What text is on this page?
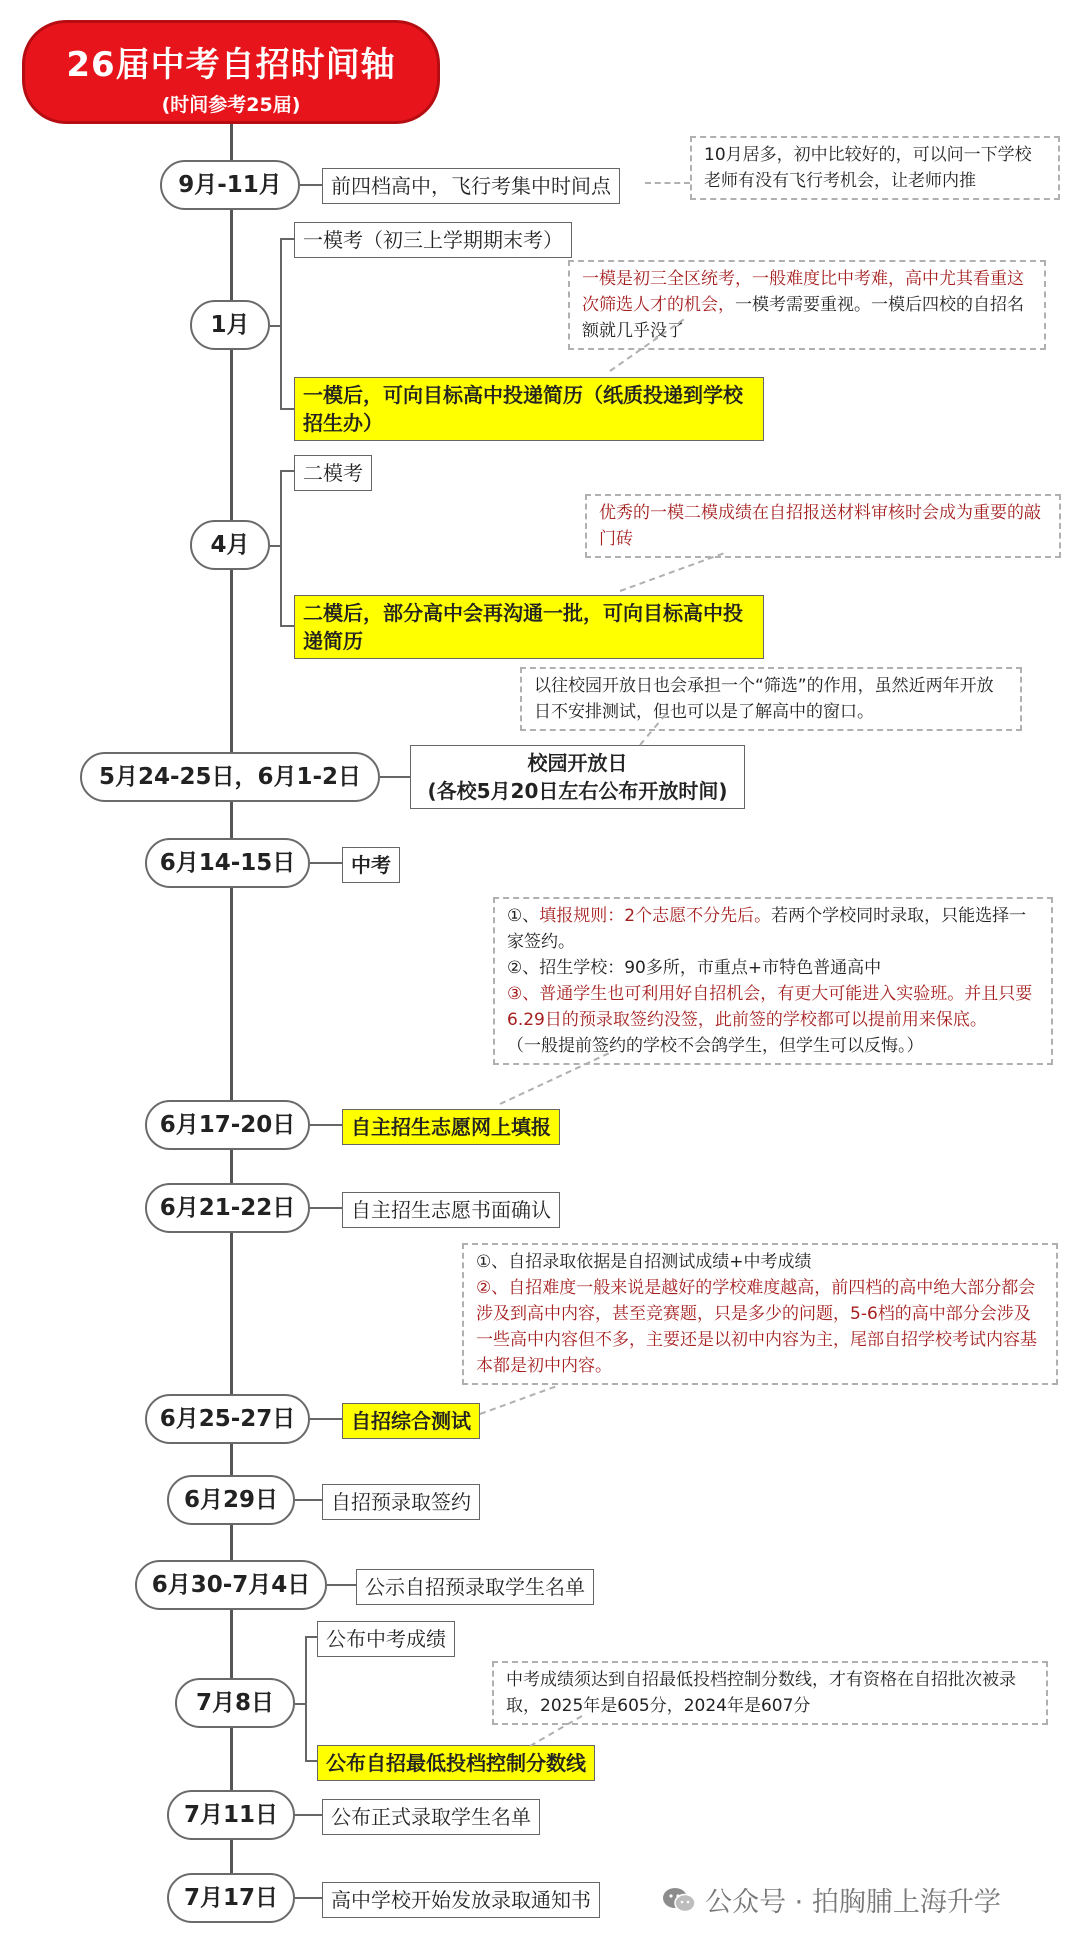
26届中考自招时间轴
(时间参考25届)
9月-11月	前四档高中，飞行考集中时间点
10月居多，初中比较好的，可以问一下学校老师有没有飞行考机会，让老师内推
1月
一模考（初三上学期期末考）
一模后，可向目标高中投递简历（纸质投递到学校招生办）
一模是初三全区统考，一般难度比中考难，高中尤其看重这次筛选人才的机会，一模考需要重视。一模后四校的自招名额就几乎没了
4月
二模考
二模后，部分高中会再沟通一批，可向目标高中投递简历
优秀的一模二模成绩在自招报送材料审核时会成为重要的敲门砖
5月24-25日，6月1-2日
校园开放日
(各校5月20日左右公布开放时间)
以往校园开放日也会承担一个“筛选”的作用，虽然近两年开放日不安排测试，但也可以是了解高中的窗口。
6月14-15日	中考
①、填报规则：2个志愿不分先后。若两个学校同时录取，只能选择一家签约。
②、招生学校：90多所，市重点+市特色普通高中
③、普通学生也可利用好自招机会，有更大可能进入实验班。并且只要6.29日的预录取签约没签，此前签的学校都可以提前用来保底。
（一般提前签约的学校不会鸽学生，但学生可以反悔。）
6月17-20日	自主招生志愿网上填报
6月21-22日	自主招生志愿书面确认
①、自招录取依据是自招测试成绩+中考成绩
②、自招难度一般来说是越好的学校难度越高，前四档的高中绝大部分都会涉及到高中内容，甚至竞赛题，只是多少的问题，5-6档的高中部分会涉及一些高中内容但不多，主要还是以初中内容为主，尾部自招学校考试内容基本都是初中内容。
6月25-27日	自招综合测试
6月29日	自招预录取签约
6月30-7月4日	公示自招预录取学生名单
7月8日
公布中考成绩
公布自招最低投档控制分数线
中考成绩须达到自招最低投档控制分数线，才有资格在自招批次被录取，2025年是605分，2024年是607分
7月11日	公布正式录取学生名单
7月17日	高中学校开始发放录取通知书	公众号 · 拍胸脯上海升学
